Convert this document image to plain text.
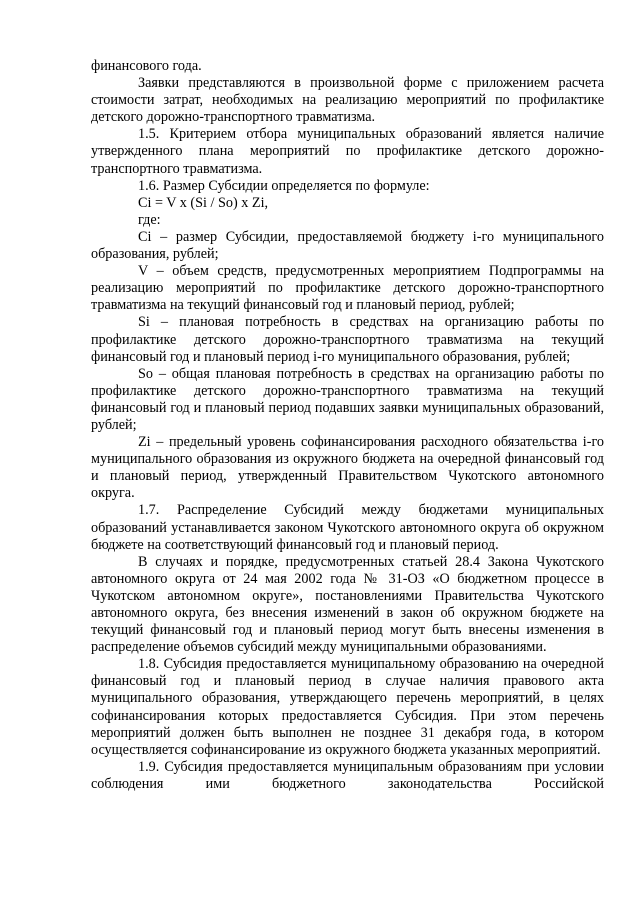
финансового года.

Заявки представляются в произвольной форме с приложением расчета стоимости затрат, необходимых на реализацию мероприятий по профилактике детского дорожно-транспортного травматизма.

1.5. Критерием отбора муниципальных образований является наличие утвержденного плана мероприятий по профилактике детского дорожно-транспортного травматизма.

1.6. Размер Субсидии определяется по формуле:

Ci = V x (Si / So) x Zi,

где:

Ci – размер Субсидии, предоставляемой бюджету i-го муниципального образования, рублей;

V – объем средств, предусмотренных мероприятием Подпрограммы на реализацию мероприятий по профилактике детского дорожно-транспортного травматизма на текущий финансовый год и плановый период, рублей;

Si – плановая потребность в средствах на организацию работы по профилактике детского дорожно-транспортного травматизма на текущий финансовый год и плановый период i-го муниципального образования, рублей;

So – общая плановая потребность в средствах на организацию работы по профилактике детского дорожно-транспортного травматизма на текущий финансовый год и плановый период подавших заявки муниципальных образований, рублей;

Zi – предельный уровень софинансирования расходного обязательства i-го муниципального образования из окружного бюджета на очередной финансовый год и плановый период, утвержденный Правительством Чукотского автономного округа.

1.7. Распределение Субсидий между бюджетами муниципальных образований устанавливается законом Чукотского автономного округа об окружном бюджете на соответствующий финансовый год и плановый период.

В случаях и порядке, предусмотренных статьей 28.4 Закона Чукотского автономного округа от 24 мая 2002 года № 31-ОЗ «О бюджетном процессе в Чукотском автономном округе», постановлениями Правительства Чукотского автономного округа, без внесения изменений в закон об окружном бюджете на текущий финансовый год и плановый период могут быть внесены изменения в распределение объемов субсидий между муниципальными образованиями.

1.8. Субсидия предоставляется муниципальному образованию на очередной финансовый год и плановый период в случае наличия правового акта муниципального образования, утверждающего перечень мероприятий, в целях софинансирования которых предоставляется Субсидия. При этом перечень мероприятий должен быть выполнен не позднее 31 декабря года, в котором осуществляется софинансирование из окружного бюджета указанных мероприятий.

1.9. Субсидия предоставляется муниципальным образованиям при условии соблюдения ими бюджетного законодательства Российской
